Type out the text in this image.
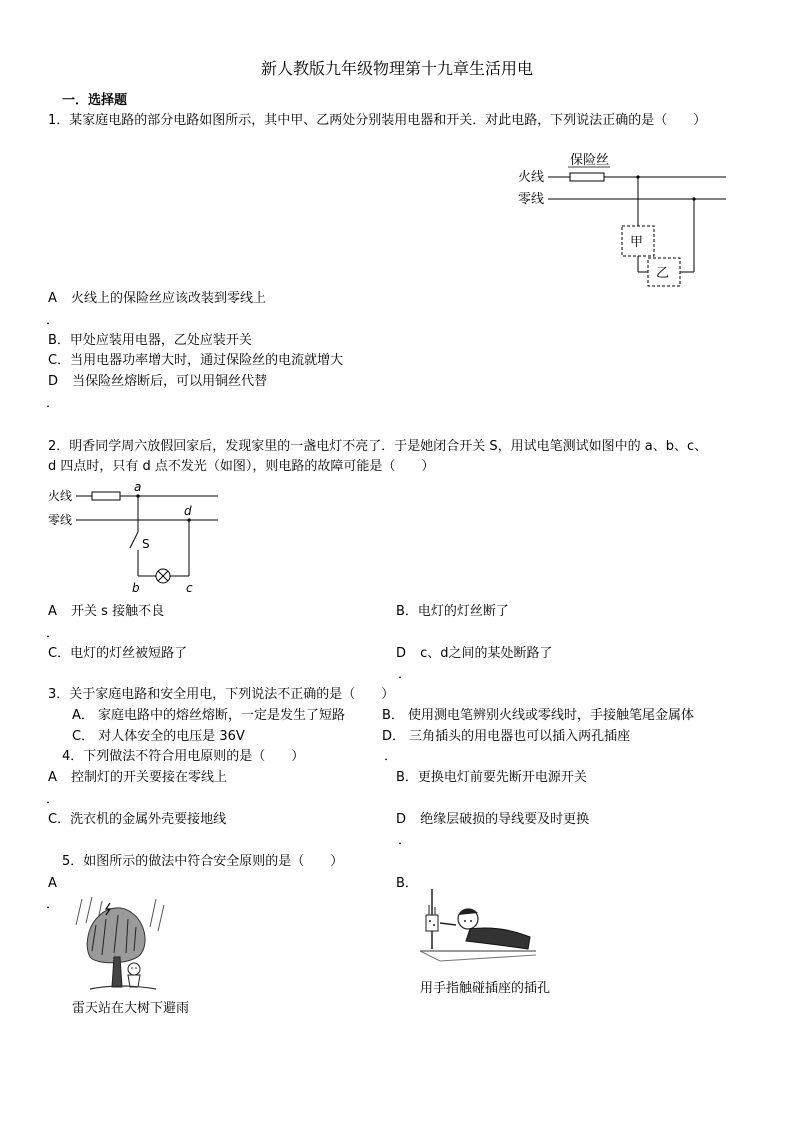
新人教版九年级物理第十九章生活用电
一．选择题
1．某家庭电路的部分电路如图所示，其中甲、乙两处分别装用电器和开关．对此电路，下列说法正确的是（　　）
保险丝
火线
零线
甲
乙
A 火线上的保险丝应该改装到零线上
．
B．甲处应装用电器，乙处应装开关
C．当用电器功率增大时，通过保险丝的电流就增大
D 当保险丝熔断后，可以用铜丝代替
．
2．明香同学周六放假回家后，发现家里的一盏电灯不亮了．于是她闭合开关 S，用试电笔测试如图中的 a、b、c、
d 四点时，只有 d 点不发光（如图），则电路的故障可能是（　　）
火线
零线
a
d
S
b	c
A 开关 s 接触不良	B．电灯的灯丝断了
．
C．电灯的灯丝被短路了	D c、d之间的某处断路了
．
3．关于家庭电路和安全用电，下列说法不正确的是（　　）
A． 家庭电路中的熔丝熔断，一定是发生了短路	B． 使用测电笔辨别火线或零线时，手接触笔尾金属体
C． 对人体安全的电压是 36V	D． 三角插头的用电器也可以插入两孔插座
．
4．下列做法不符合用电原则的是（　　）
A 控制灯的开关要接在零线上	B．更换电灯前要先断开电源开关
．
C．洗衣机的金属外壳要接地线	D 绝缘层破损的导线要及时更换
．
5．如图所示的做法中符合安全原则的是（　　）
A
．
B．
雷天站在大树下避雨
用手指触碰插座的插孔
